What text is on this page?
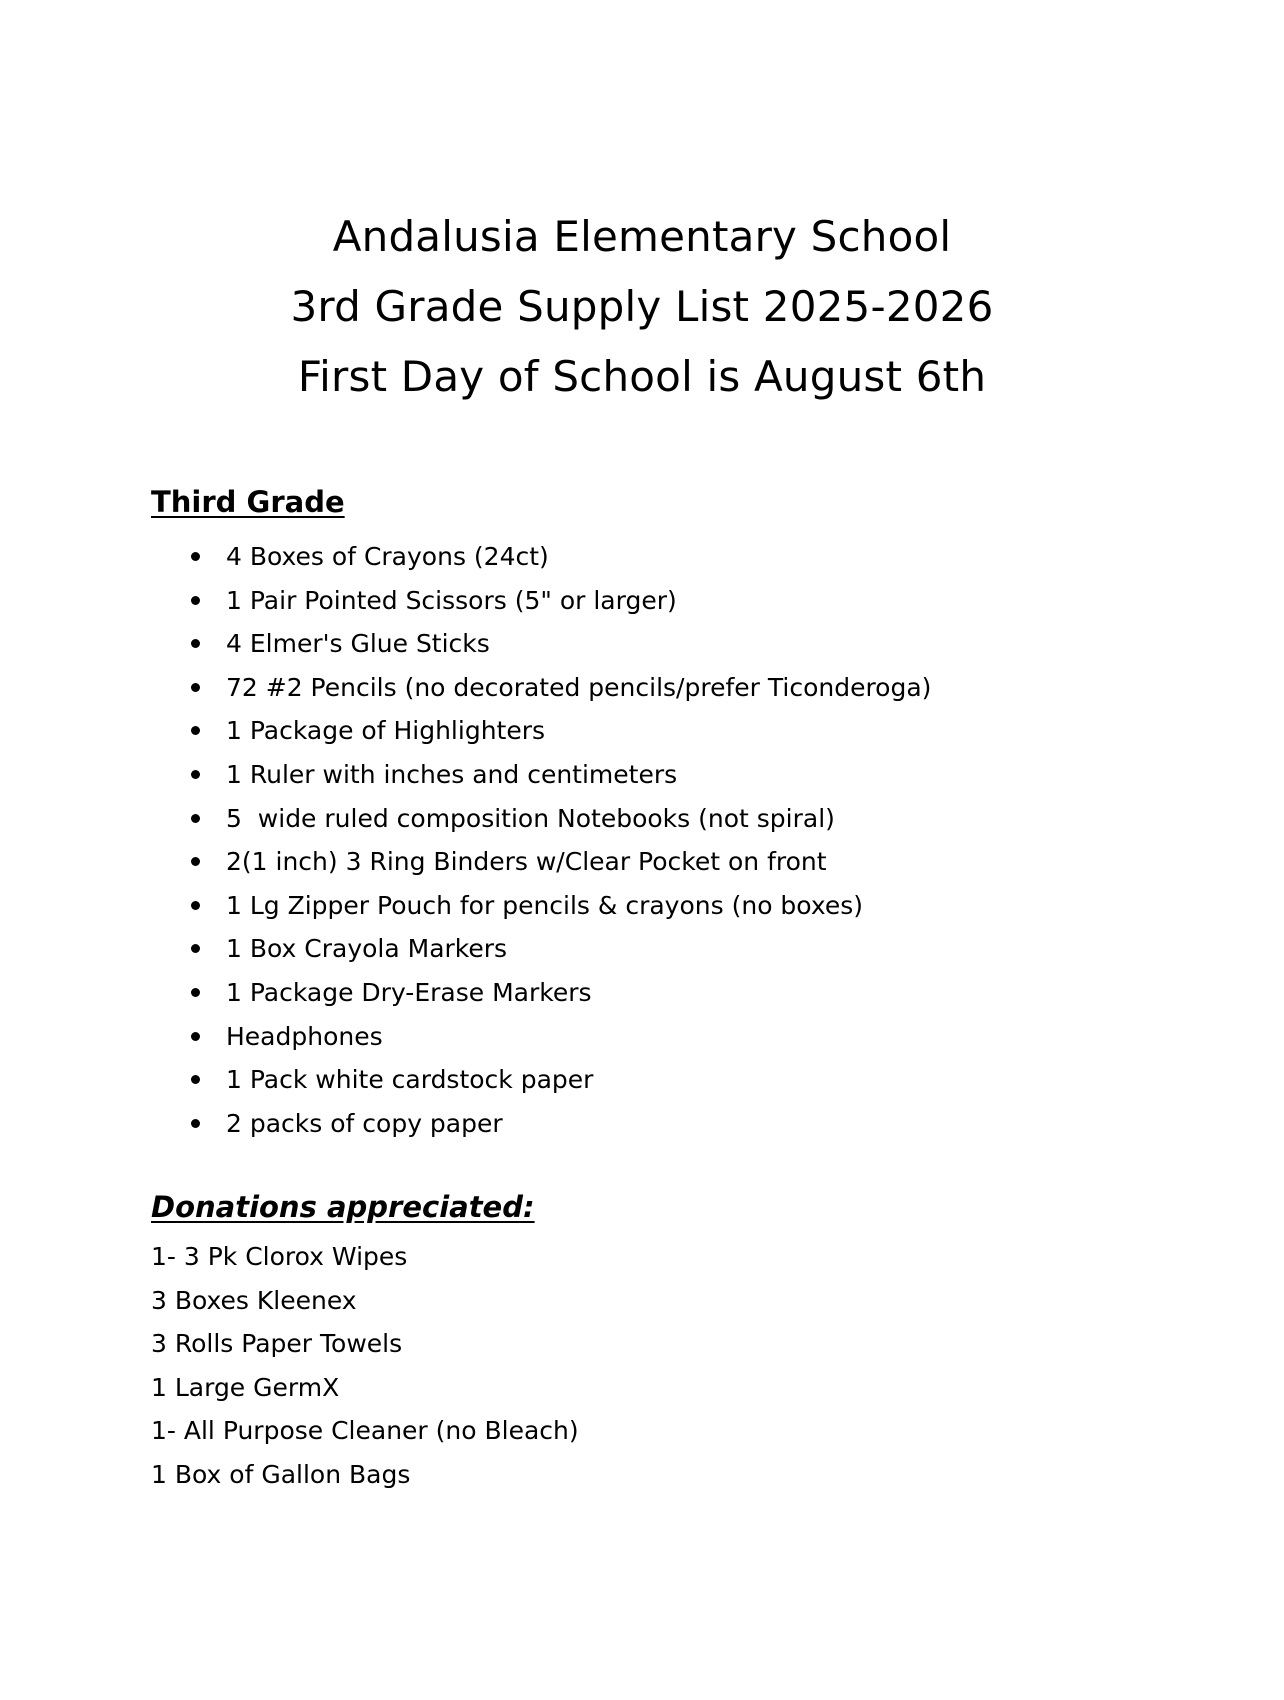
Andalusia Elementary School
3rd Grade Supply List 2025-2026
First Day of School is August 6th
Third Grade
4 Boxes of Crayons (24ct)
1 Pair Pointed Scissors (5" or larger)
4 Elmer's Glue Sticks
72 #2 Pencils (no decorated pencils/prefer Ticonderoga)
1 Package of Highlighters
1 Ruler with inches and centimeters
5  wide ruled composition Notebooks (not spiral)
2(1 inch) 3 Ring Binders w/Clear Pocket on front
1 Lg Zipper Pouch for pencils & crayons (no boxes)
1 Box Crayola Markers
1 Package Dry-Erase Markers
Headphones
1 Pack white cardstock paper
2 packs of copy paper
Donations appreciated:
1- 3 Pk Clorox Wipes
3 Boxes Kleenex
3 Rolls Paper Towels
1 Large GermX
1- All Purpose Cleaner (no Bleach)
1 Box of Gallon Bags
